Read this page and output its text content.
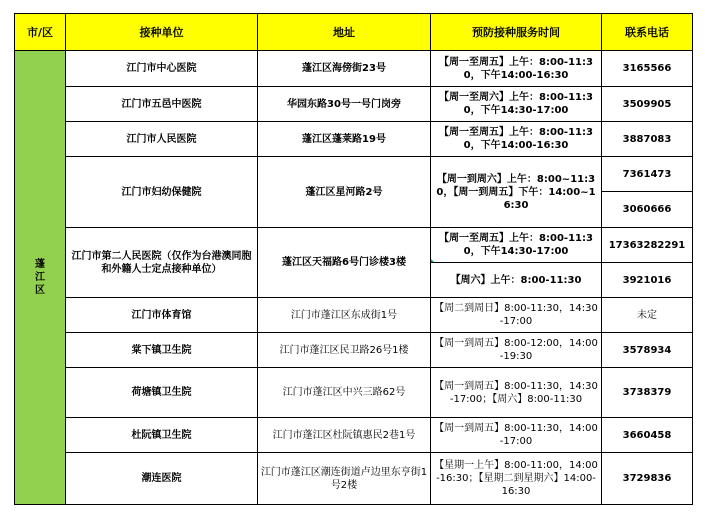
市/区	接种单位	地址	预防接种服务时间	联系电话

蓬
江
区	江门市中心医院	蓬江区海傍街23号	【周一至周五】上午：8:00-11:30，下午14:00-16:30	3165566
	江门市五邑中医院	华园东路30号一号门岗旁	【周一至周六】上午：8:00-11:30，下午14:30-17:00	3509905
	江门市人民医院	蓬江区蓬莱路19号	【周一至周五】上午：8:00-11:30，下午14:00-16:30	3887083
	江门市妇幼保健院	蓬江区星河路2号	【周一到周六】上午：8:00~11:30，【周一到周五】下午：14:00~16:30	7361473
				3060666
	江门市第二人民医院（仅作为台港澳同胞和外籍人士定点接种单位）	蓬江区天福路6号门诊楼3楼	【周一至周五】上午：8:00-11:30，下午14:30-17:00	17363282291
			【周六】上午：8:00-11:30	3921016
	江门市体育馆	江门市蓬江区东成街1号	【周二到周日】8:00-11:30，14:30-17:00	未定
	棠下镇卫生院	江门市蓬江区民卫路26号1楼	【周一到周五】8:00-12:00，14:00-19:30	3578934
	荷塘镇卫生院	江门市蓬江区中兴三路62号	【周一到周五】8:00-11:30，14:30-17:00；【周六】8:00-11:30	3738379
	杜阮镇卫生院	江门市蓬江区杜阮镇惠民2巷1号	【周一到周五】8:00-11:30，14:00-17:00	3660458
	潮连医院	江门市蓬江区潮连街道卢边里东亨街1号2楼	【星期一上午】8:00-11:00，14:00-16:30；【星期二到星期六】14:00-16:30	3729836
